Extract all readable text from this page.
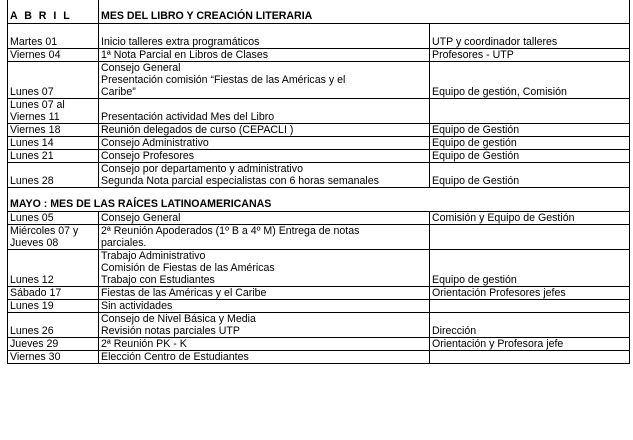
A B R I L	MES DEL LIBRO Y CREACIÓN LITERARIA	

Martes 01	Inicio talleres extra programáticos	UTP y coordinador talleres

Viernes 04	1ª Nota Parcial en Libros de Clases	Profesores - UTP

Lunes 07	Consejo General
Presentación comisión “Fiestas de las Américas y el
Caribe”	Equipo de gestión, Comisión

Lunes 07 al
Viernes 11	Presentación actividad Mes del Libro	

Viernes 18	Reunión delegados de curso (CEPACLI )	Equipo de Gestión

Lunes 14	Consejo Administrativo	Equipo de gestión

Lunes 21	Consejo Profesores	Equipo de Gestión

Lunes 28	Consejo por departamento y administrativo
Segunda Nota parcial especialistas con 6 horas semanales	Equipo de Gestión
MAYO : MES DE LAS RAÍCES LATINOAMERICANAS		

Lunes 05	Consejo General	Comisión y Equipo de Gestión

Miércoles 07 y
Jueves 08	2ª Reunión Apoderados (1º B a 4º M) Entrega de notas
parciales.	

Lunes 12	Trabajo Administrativo
Comisión de Fiestas de las Américas
Trabajo con Estudiantes	Equipo de gestión

Sábado 17	Fiestas de las Américas y el Caribe	Orientación Profesores jefes

Lunes 19	Sin actividades	

Lunes 26	Consejo de Nivel Básica y Media
Revisión notas parciales UTP	Dirección

Jueves 29	2ª Reunión PK - K	Orientación y Profesora jefe

Viernes 30	Elección Centro de Estudiantes	
